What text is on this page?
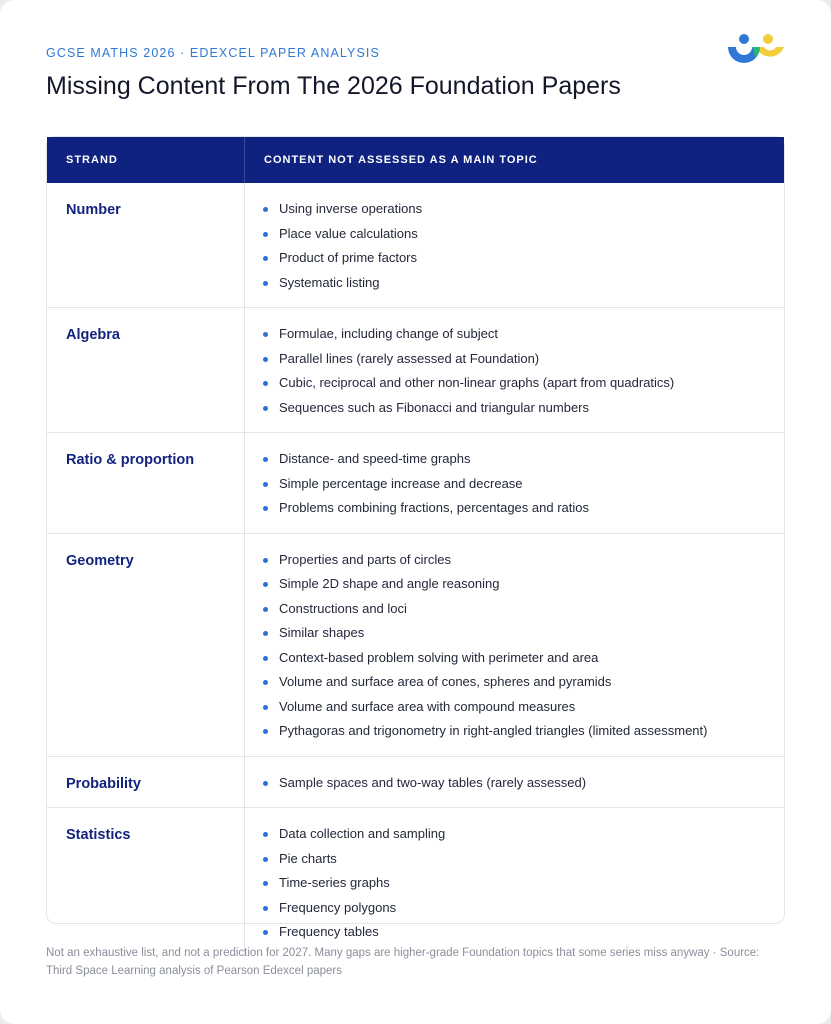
GCSE MATHS 2026 · EDEXCEL PAPER ANALYSIS
Missing Content From The 2026 Foundation Papers
STRAND	CONTENT NOT ASSESSED AS A MAIN TOPIC
Number	Using inverse operations
Place value calculations
Product of prime factors
Systematic listing
Algebra	Formulae, including change of subject
Parallel lines (rarely assessed at Foundation)
Cubic, reciprocal and other non-linear graphs (apart from quadratics)
Sequences such as Fibonacci and triangular numbers
Ratio & proportion	Distance- and speed-time graphs
Simple percentage increase and decrease
Problems combining fractions, percentages and ratios
Geometry	Properties and parts of circles
Simple 2D shape and angle reasoning
Constructions and loci
Similar shapes
Context-based problem solving with perimeter and area
Volume and surface area of cones, spheres and pyramids
Volume and surface area with compound measures
Pythagoras and trigonometry in right-angled triangles (limited assessment)
Probability	Sample spaces and two-way tables (rarely assessed)
Statistics	Data collection and sampling
Pie charts
Time-series graphs
Frequency polygons
Frequency tables

Not an exhaustive list, and not a prediction for 2027. Many gaps are higher-grade Foundation topics that some series miss anyway · Source: Third Space Learning analysis of Pearson Edexcel papers
